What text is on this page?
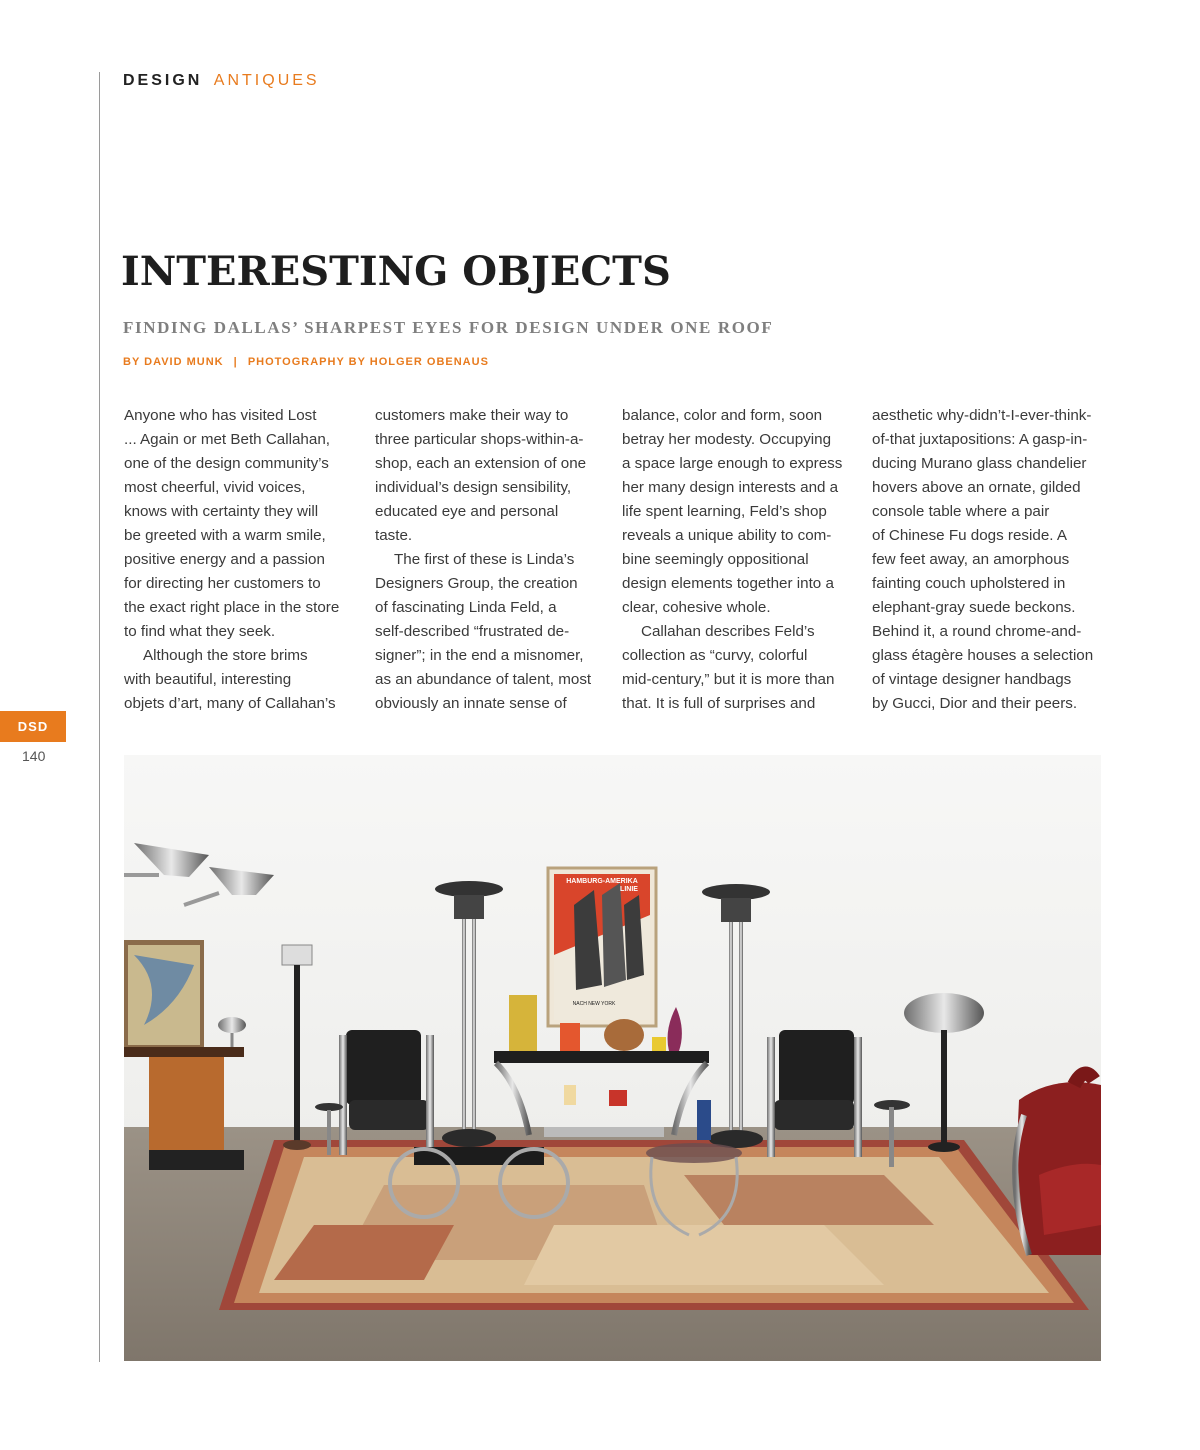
DESIGN ANTIQUES
INTERESTING OBJECTS
FINDING DALLAS’ SHARPEST EYES FOR DESIGN UNDER ONE ROOF
BY DAVID MUNK | PHOTOGRAPHY BY HOLGER OBENAUS

Anyone who has visited Lost
... Again or met Beth Callahan,
one of the design community’s
most cheerful, vivid voices,
knows with certainty they will
be greeted with a warm smile,
positive energy and a passion
for directing her customers to
the exact right place in the store
to find what they seek.

Although the store brims
with beautiful, interesting
objets d’art, many of Callahan’s

customers make their way to
three particular shops-within-a-
shop, each an extension of one
individual’s design sensibility,
educated eye and personal
taste.

The first of these is Linda’s
Designers Group, the creation
of fascinating Linda Feld, a
self-described “frustrated de-
signer”; in the end a misnomer,
as an abundance of talent, most
obviously an innate sense of

balance, color and form, soon
betray her modesty. Occupying
a space large enough to express
her many design interests and a
life spent learning, Feld’s shop
reveals a unique ability to com-
bine seemingly oppositional
design elements together into a
clear, cohesive whole.

Callahan describes Feld’s
collection as “curvy, colorful
mid-century,” but it is more than
that. It is full of surprises and

aesthetic why-didn’t-I-ever-think-
of-that juxtapositions: A gasp-in-
ducing Murano glass chandelier
hovers above an ornate, gilded
console table where a pair
of Chinese Fu dogs reside. A
few feet away, an amorphous
fainting couch upholstered in
elephant-gray suede beckons.
Behind it, a round chrome-and-
glass étagère houses a selection
of vintage designer handbags
by Gucci, Dior and their peers.

DSD
140
HAMBURG-AMERIKA
LINIE
NACH NEW YORK
